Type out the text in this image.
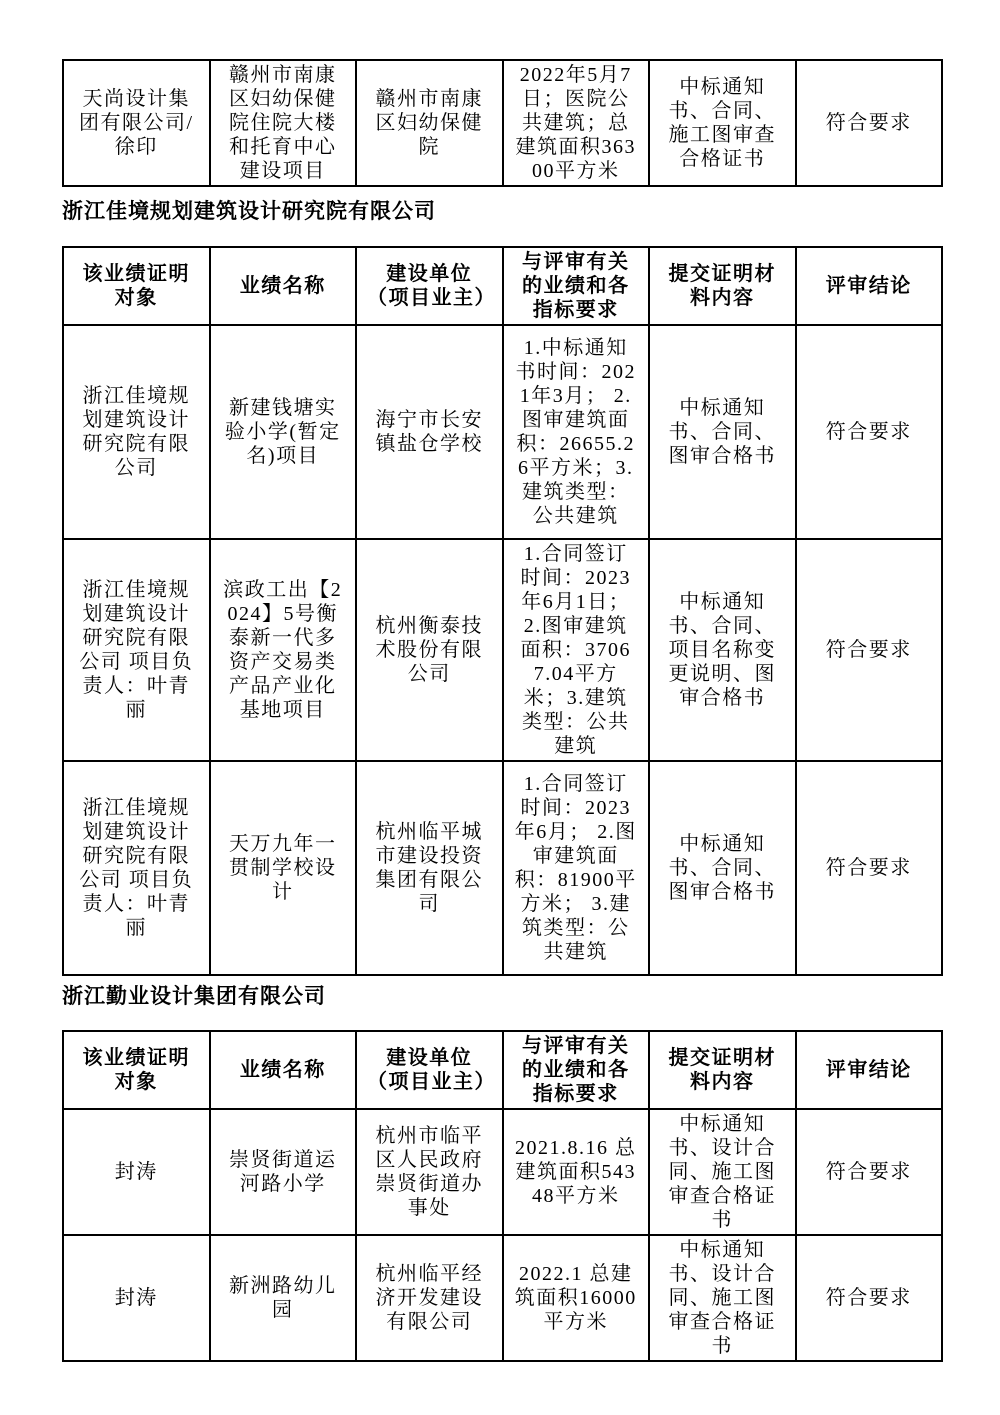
天尚设计集团有限公司/徐印	赣州市南康区妇幼保健院住院大楼和托育中心建设项目	赣州市南康区妇幼保健院	2022年5月7日；医院公共建筑；总建筑面积36300平方米	中标通知书、合同、施工图审查合格证书	符合要求
浙江佳境规划建筑设计研究院有限公司
该业绩证明对象	业绩名称	建设单位（项目业主）	与评审有关的业绩和各指标要求	提交证明材料内容	评审结论
浙江佳境规划建筑设计研究院有限公司	新建钱塘实验小学(暂定名)项目	海宁市长安镇盐仓学校	1.中标通知书时间：2021年3月； 2.图审建筑面积：26655.26平方米；3.建筑类型：公共建筑	中标通知书、合同、图审合格书	符合要求
浙江佳境规划建筑设计研究院有限公司 项目负责人：叶青丽	滨政工出【2024】5号衡泰新一代多资产交易类产品产业化基地项目	杭州衡泰技术股份有限公司	1.合同签订时间：2023年6月1日； 2.图审建筑面积：37067.04平方米；3.建筑类型：公共建筑	中标通知书、合同、项目名称变更说明、图审合格书	符合要求
浙江佳境规划建筑设计研究院有限公司 项目负责人：叶青丽	天万九年一贯制学校设计	杭州临平城市建设投资集团有限公司	1.合同签订时间：2023年6月； 2.图审建筑面积：81900平方米； 3.建筑类型：公共建筑	中标通知书、合同、图审合格书	符合要求
浙江勤业设计集团有限公司
该业绩证明对象	业绩名称	建设单位（项目业主）	与评审有关的业绩和各指标要求	提交证明材料内容	评审结论
封涛	崇贤街道运河路小学	杭州市临平区人民政府崇贤街道办事处	2021.8.16 总建筑面积54348平方米	中标通知书、设计合同、施工图审查合格证书	符合要求
封涛	新洲路幼儿园	杭州临平经济开发建设有限公司	2022.1 总建筑面积16000平方米	中标通知书、设计合同、施工图审查合格证书	符合要求
